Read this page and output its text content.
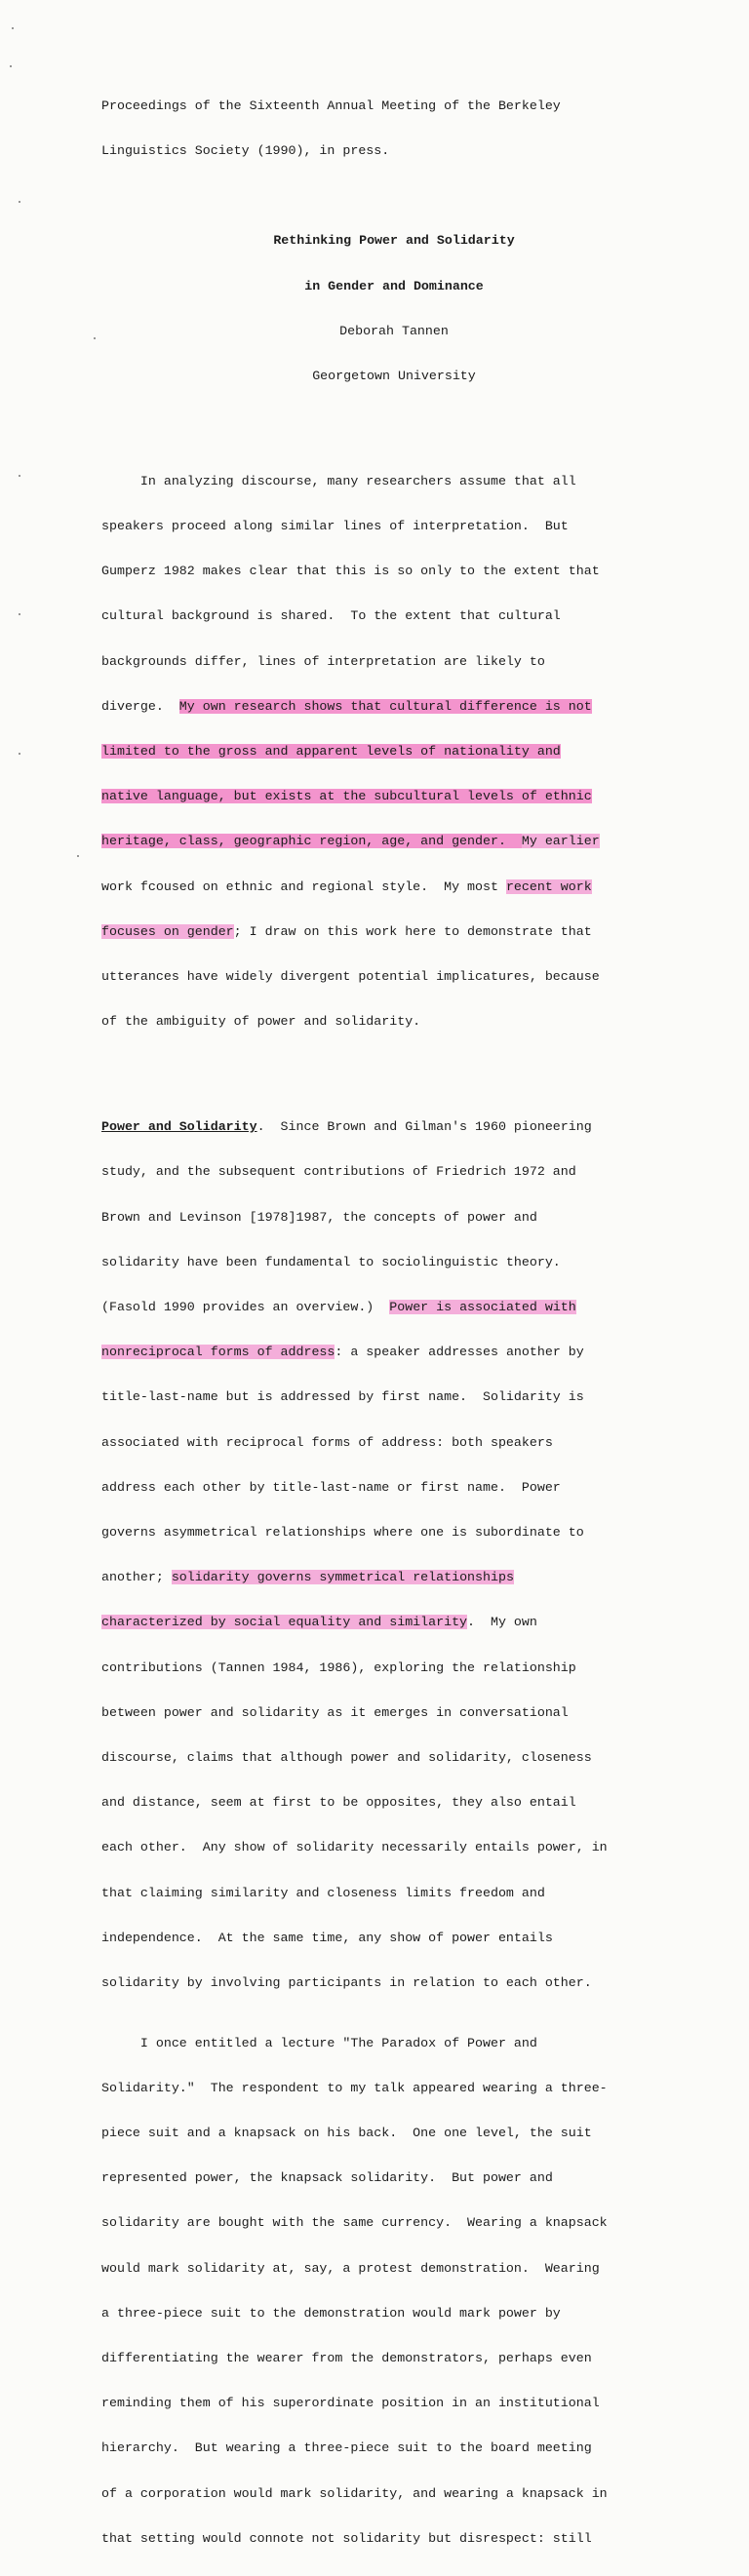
Proceedings of the Sixteenth Annual Meeting of the Berkeley

Linguistics Society (1990), in press.

Rethinking Power and Solidarity

in Gender and Dominance

Deborah Tannen

Georgetown University

In analyzing discourse, many researchers assume that all

speakers proceed along similar lines of interpretation.  But

Gumperz 1982 makes clear that this is so only to the extent that

cultural background is shared.  To the extent that cultural

backgrounds differ, lines of interpretation are likely to

diverge.  My own research shows that cultural difference is not

limited to the gross and apparent levels of nationality and

native language, but exists at the subcultural levels of ethnic

heritage, class, geographic region, age, and gender.  My earlier

work fcoused on ethnic and regional style.  My most recent work

focuses on gender; I draw on this work here to demonstrate that

utterances have widely divergent potential implicatures, because

of the ambiguity of power and solidarity.

Power and Solidarity.  Since Brown and Gilman's 1960 pioneering

study, and the subsequent contributions of Friedrich 1972 and

Brown and Levinson [1978]1987, the concepts of power and

solidarity have been fundamental to sociolinguistic theory.

(Fasold 1990 provides an overview.)  Power is associated with

nonreciprocal forms of address: a speaker addresses another by

title-last-name but is addressed by first name.  Solidarity is

associated with reciprocal forms of address: both speakers

address each other by title-last-name or first name.  Power

governs asymmetrical relationships where one is subordinate to

another; solidarity governs symmetrical relationships

characterized by social equality and similarity.  My own

contributions (Tannen 1984, 1986), exploring the relationship

between power and solidarity as it emerges in conversational

discourse, claims that although power and solidarity, closeness

and distance, seem at first to be opposites, they also entail

each other.  Any show of solidarity necessarily entails power, in

that claiming similarity and closeness limits freedom and

independence.  At the same time, any show of power entails

solidarity by involving participants in relation to each other.

I once entitled a lecture "The Paradox of Power and

Solidarity."  The respondent to my talk appeared wearing a three-

piece suit and a knapsack on his back.  One one level, the suit

represented power, the knapsack solidarity.  But power and

solidarity are bought with the same currency.  Wearing a knapsack

would mark solidarity at, say, a protest demonstration.  Wearing

a three-piece suit to the demonstration would mark power by

differentiating the wearer from the demonstrators, perhaps even

reminding them of his superordinate position in an institutional

hierarchy.  But wearing a three-piece suit to the board meeting

of a corporation would mark solidarity, and wearing a knapsack in

that setting would connote not solidarity but disrespect: still
